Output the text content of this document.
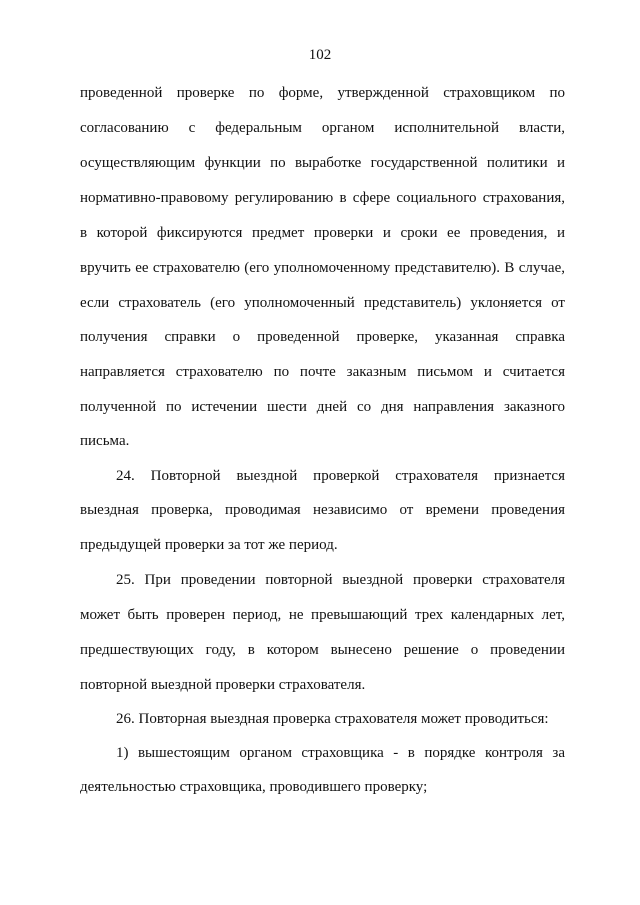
102
проведенной проверке по форме, утвержденной страховщиком по
согласованию с федеральным органом исполнительной власти,
осуществляющим функции по выработке государственной политики и
нормативно-правовому регулированию в сфере социального страхования,
в которой фиксируются предмет проверки и сроки ее проведения, и
вручить ее страхователю (его уполномоченному представителю). В случае,
если страхователь (его уполномоченный представитель) уклоняется от
получения справки о проведенной проверке, указанная справка
направляется страхователю по почте заказным письмом и считается
полученной по истечении шести дней со дня направления заказного
письма.
24. Повторной выездной проверкой страхователя признается
выездная проверка, проводимая независимо от времени проведения
предыдущей проверки за тот же период.
25. При проведении повторной выездной проверки страхователя
может быть проверен период, не превышающий трех календарных лет,
предшествующих году, в котором вынесено решение о проведении
повторной выездной проверки страхователя.
26. Повторная выездная проверка страхователя может проводиться:
1) вышестоящим органом страховщика - в порядке контроля за
деятельностью страховщика, проводившего проверку;
